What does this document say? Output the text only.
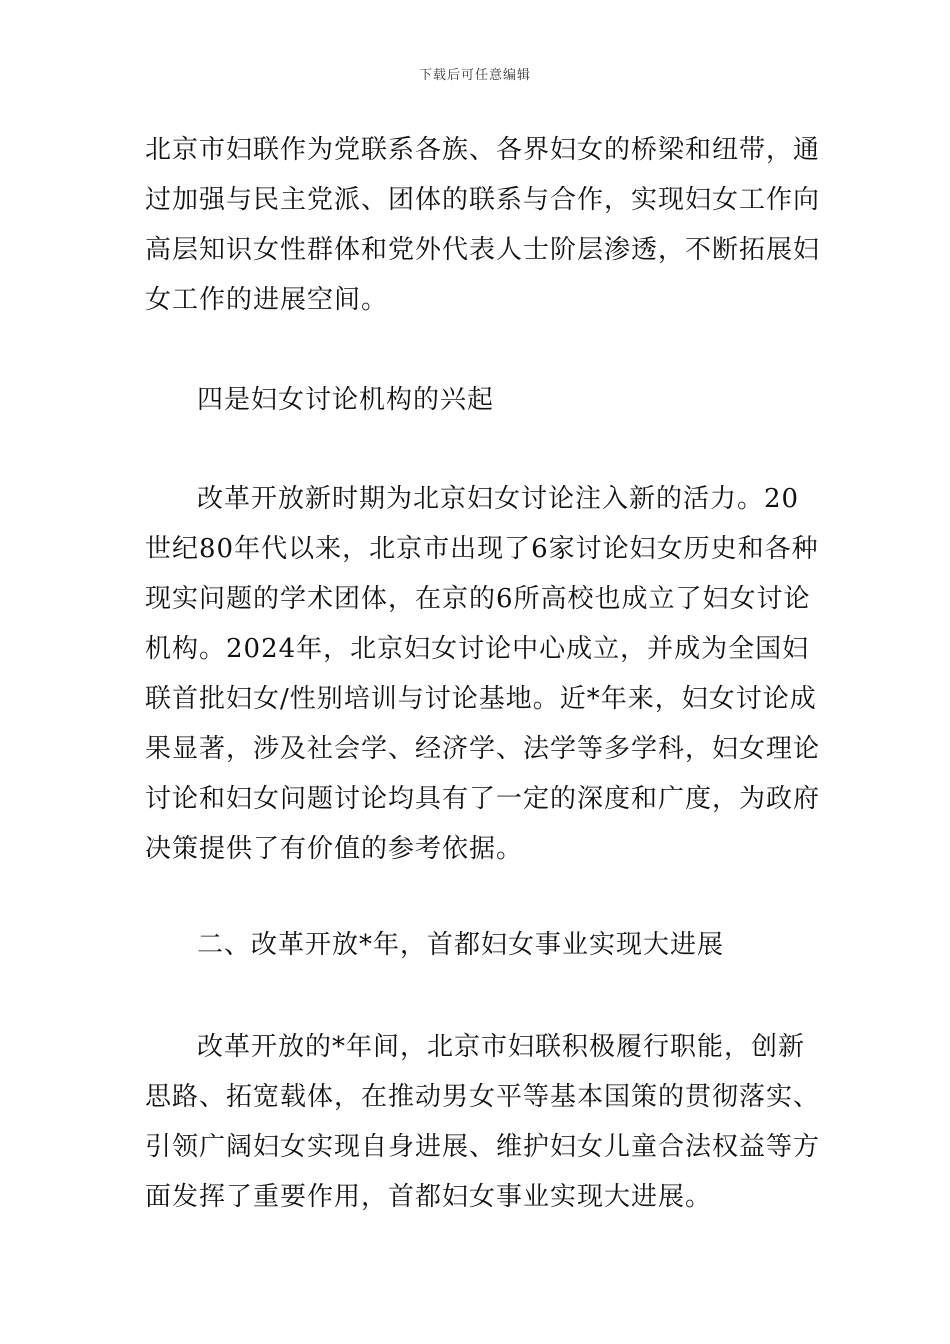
下载后可任意编辑

北京市妇联作为党联系各族、各界妇女的桥梁和纽带，通过加强与民主党派、团体的联系与合作，实现妇女工作向高层知识女性群体和党外代表人士阶层渗透，不断拓展妇女工作的进展空间。

四是妇女讨论机构的兴起

改革开放新时期为北京妇女讨论注入新的活力。20世纪80年代以来，北京市出现了6家讨论妇女历史和各种现实问题的学术团体，在京的6所高校也成立了妇女讨论机构。2024年，北京妇女讨论中心成立，并成为全国妇联首批妇女/性别培训与讨论基地。近*年来，妇女讨论成果显著，涉及社会学、经济学、法学等多学科，妇女理论讨论和妇女问题讨论均具有了一定的深度和广度，为政府决策提供了有价值的参考依据。

二、改革开放*年，首都妇女事业实现大进展

改革开放的*年间，北京市妇联积极履行职能，创新思路、拓宽载体，在推动男女平等基本国策的贯彻落实、引领广阔妇女实现自身进展、维护妇女儿童合法权益等方面发挥了重要作用，首都妇女事业实现大进展。
